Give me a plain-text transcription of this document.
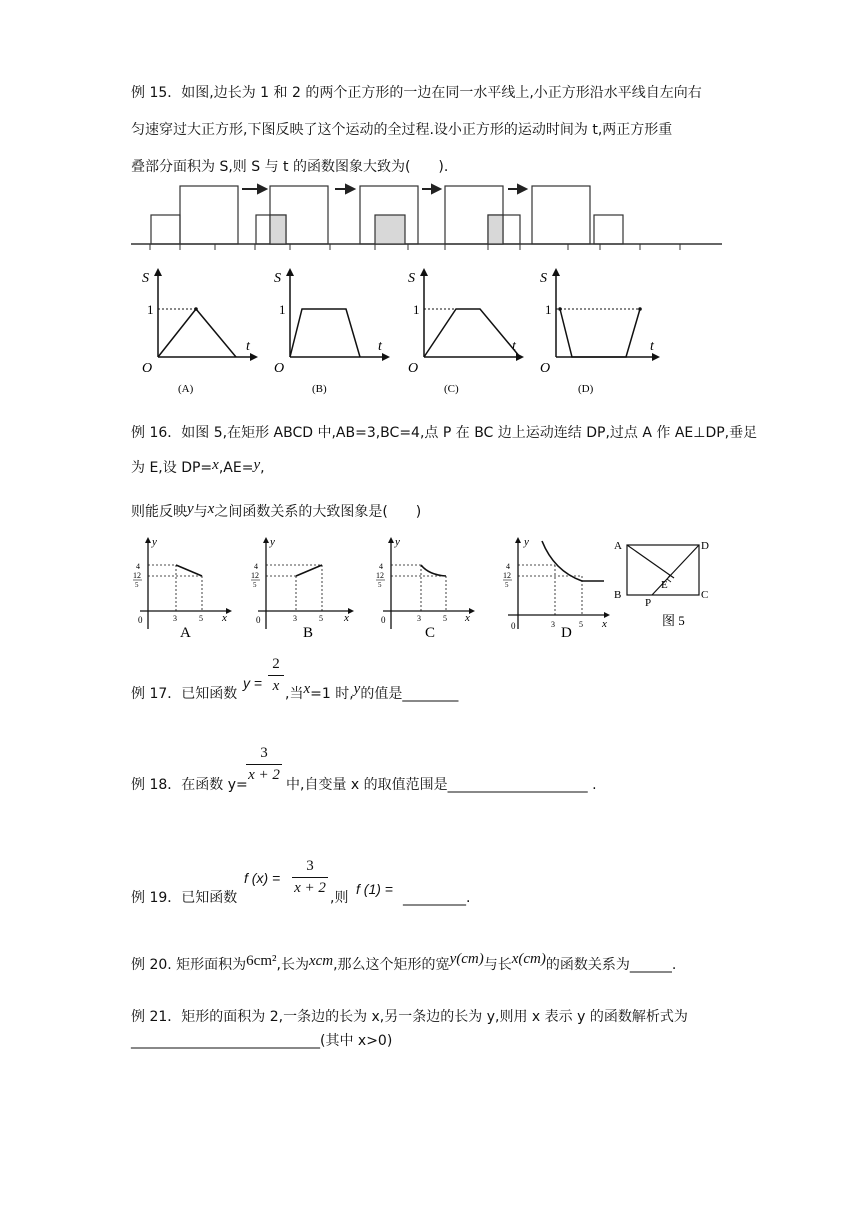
例 15．如图,边长为 1 和 2 的两个正方形的一边在同一水平线上,小正方形沿水平线自左向右
匀速穿过大正方形,下图反映了这个运动的全过程.设小正方形的运动时间为 t,两正方形重
叠部分面积为 S,则 S 与 t 的函数图象大致为(　　).
S
t
O
1
(A)
S
t
O
1
(B)
S
t
O
1
(C)
S
t
O
1
(D)
例 16．如图 5,在矩形 ABCD 中,AB=3,BC=4,点 P 在 BC 边上运动连结 DP,过点 A 作 AE⊥DP,垂足
为 E,设 DP=x,AE=y,
则能反映y与x之间函数关系的大致图象是(　　)
y
x
0
4
12
5
3	5
A
y
x
0
4
12
5
3	5
B
y
x
0
4
12
5
3	5
C
y
x
0
4
12
5
3	5
D
A	D
B	C
E
P
图 5
例 17．已知函数
y =
2
x ,当x=1 时,y的值是________
例 18．在函数 y=
3
x + 2
中,自变量 x 的取值范围是____________________ .
例 19．已知函数
f (x) =
3
x + 2
,则
f (1) =
_________.
例 20. 矩形面积为6cm²,长为xcm,那么这个矩形的宽y(cm)与长x(cm)的函数关系为______.
例 21．矩形的面积为 2,一条边的长为 x,另一条边的长为 y,则用 x 表示 y 的函数解析式为
___________________________(其中 x>0)
